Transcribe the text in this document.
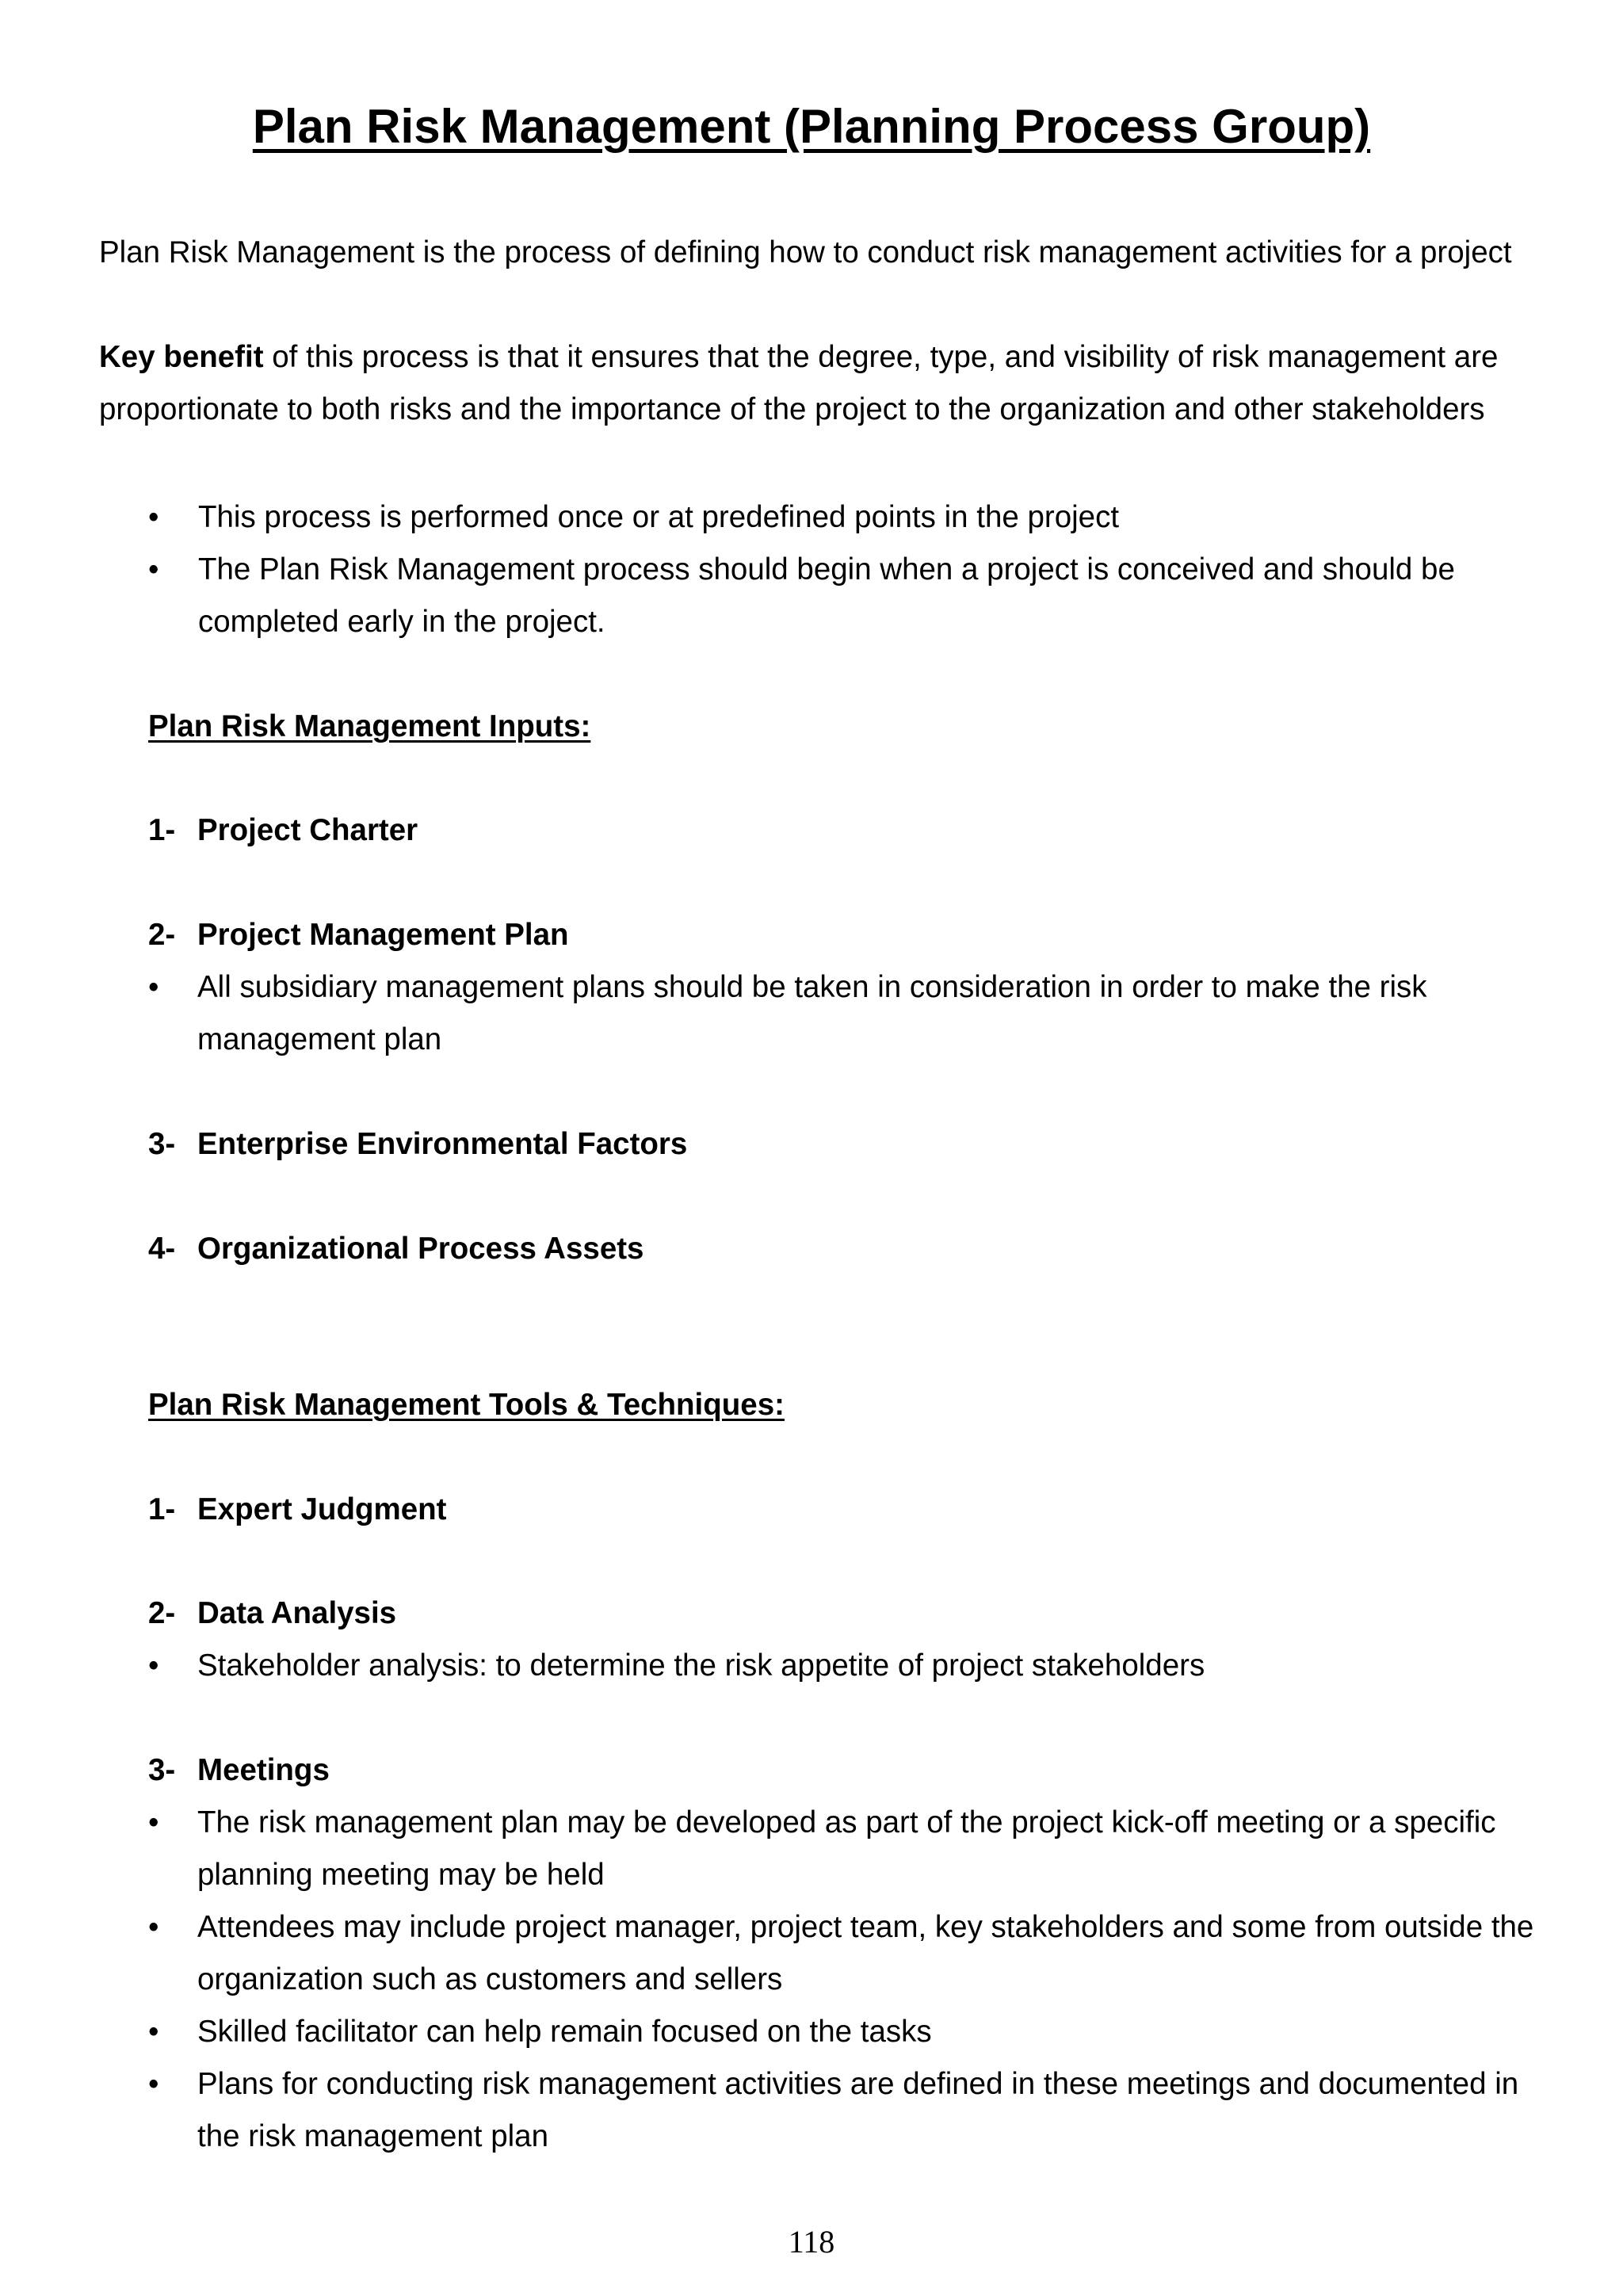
Plan Risk Management (Planning Process Group)
Plan Risk Management is the process of defining how to conduct risk management activities for a project
Key benefit of this process is that it ensures that the degree, type, and visibility of risk management are proportionate to both risks and the importance of the project to the organization and other stakeholders
• This process is performed once or at predefined points in the project
• The Plan Risk Management process should begin when a project is conceived and should be completed early in the project.
Plan Risk Management Inputs:
1- Project Charter
2- Project Management Plan
• All subsidiary management plans should be taken in consideration in order to make the risk management plan
3- Enterprise Environmental Factors
4- Organizational Process Assets
Plan Risk Management Tools & Techniques:
1- Expert Judgment
2- Data Analysis
• Stakeholder analysis: to determine the risk appetite of project stakeholders
3- Meetings
• The risk management plan may be developed as part of the project kick-off meeting or a specific planning meeting may be held
• Attendees may include project manager, project team, key stakeholders and some from outside the organization such as customers and sellers
• Skilled facilitator can help remain focused on the tasks
• Plans for conducting risk management activities are defined in these meetings and documented in the risk management plan
118
